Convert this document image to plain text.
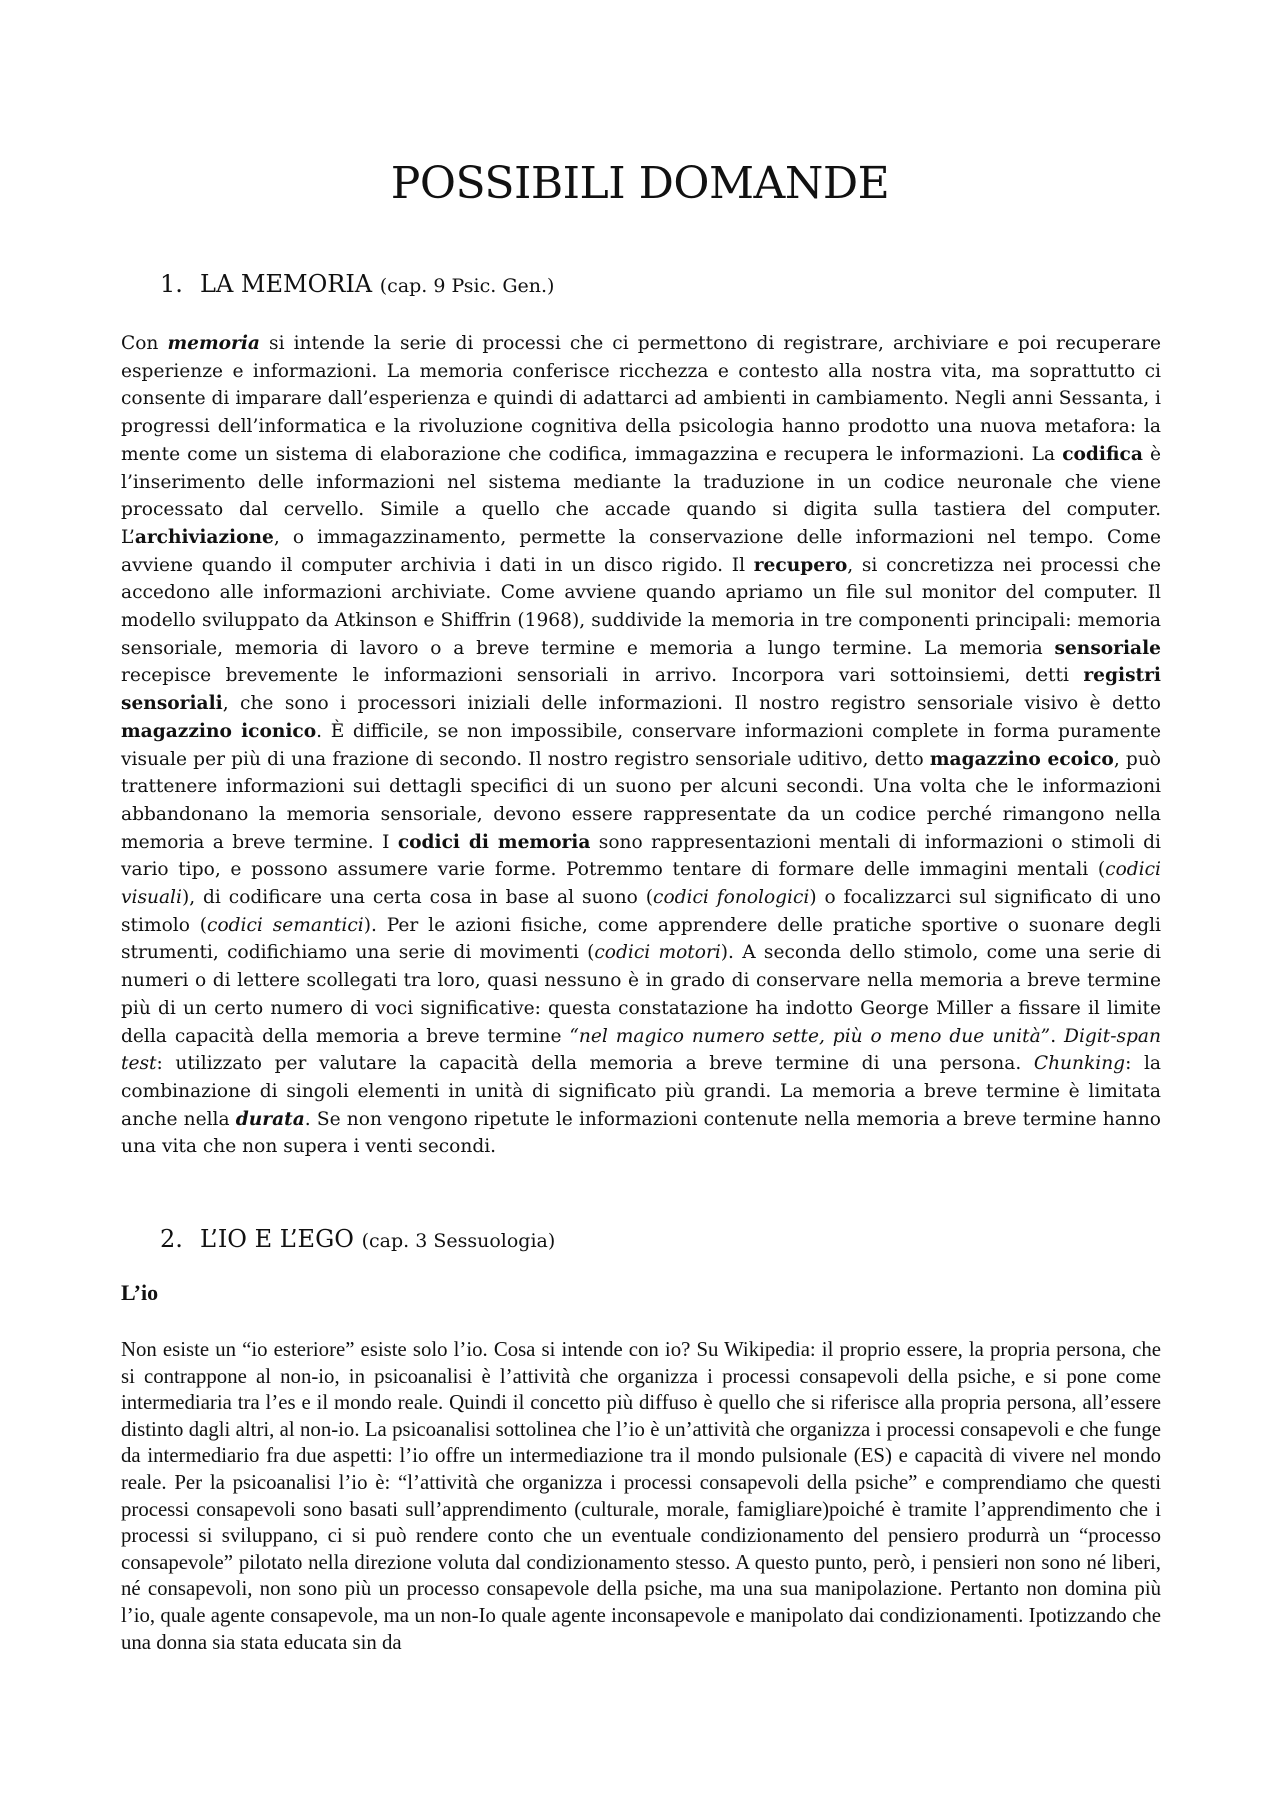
POSSIBILI DOMANDE
1. LA MEMORIA (cap. 9 Psic. Gen.)
Con memoria si intende la serie di processi che ci permettono di registrare, archiviare e poi recuperare esperienze e informazioni. La memoria conferisce ricchezza e contesto alla nostra vita, ma soprattutto ci consente di imparare dall’esperienza e quindi di adattarci ad ambienti in cambiamento. Negli anni Sessanta, i progressi dell’informatica e la rivoluzione cognitiva della psicologia hanno prodotto una nuova metafora: la mente come un sistema di elaborazione che codifica, immagazzina e recupera le informazioni. La codifica è l’inserimento delle informazioni nel sistema mediante la traduzione in un codice neuronale che viene processato dal cervello. Simile a quello che accade quando si digita sulla tastiera del computer. L’archiviazione, o immagazzinamento, permette la conservazione delle informazioni nel tempo. Come avviene quando il computer archivia i dati in un disco rigido. Il recupero, si concretizza nei processi che accedono alle informazioni archiviate. Come avviene quando apriamo un file sul monitor del computer. Il modello sviluppato da Atkinson e Shiffrin (1968), suddivide la memoria in tre componenti principali: memoria sensoriale, memoria di lavoro o a breve termine e memoria a lungo termine. La memoria sensoriale recepisce brevemente le informazioni sensoriali in arrivo. Incorpora vari sottoinsiemi, detti registri sensoriali, che sono i processori iniziali delle informazioni. Il nostro registro sensoriale visivo è detto magazzino iconico. È difficile, se non impossibile, conservare informazioni complete in forma puramente visuale per più di una frazione di secondo. Il nostro registro sensoriale uditivo, detto magazzino ecoico, può trattenere informazioni sui dettagli specifici di un suono per alcuni secondi. Una volta che le informazioni abbandonano la memoria sensoriale, devono essere rappresentate da un codice perché rimangono nella memoria a breve termine. I codici di memoria sono rappresentazioni mentali di informazioni o stimoli di vario tipo, e possono assumere varie forme. Potremmo tentare di formare delle immagini mentali (codici visuali), di codificare una certa cosa in base al suono (codici fonologici) o focalizzarci sul significato di uno stimolo (codici semantici). Per le azioni fisiche, come apprendere delle pratiche sportive o suonare degli strumenti, codifichiamo una serie di movimenti (codici motori). A seconda dello stimolo, come una serie di numeri o di lettere scollegati tra loro, quasi nessuno è in grado di conservare nella memoria a breve termine più di un certo numero di voci significative: questa constatazione ha indotto George Miller a fissare il limite della capacità della memoria a breve termine “nel magico numero sette, più o meno due unità”. Digit-span test: utilizzato per valutare la capacità della memoria a breve termine di una persona. Chunking: la combinazione di singoli elementi in unità di significato più grandi. La memoria a breve termine è limitata anche nella durata. Se non vengono ripetute le informazioni contenute nella memoria a breve termine hanno una vita che non supera i venti secondi.
2. L’IO E L’EGO (cap. 3 Sessuologia)
L’io
Non esiste un “io esteriore” esiste solo l’io. Cosa si intende con io? Su Wikipedia: il proprio essere, la propria persona, che si contrappone al non-io, in psicoanalisi è l’attività che organizza i processi consapevoli della psiche, e si pone come intermediaria tra l’es e il mondo reale. Quindi il concetto più diffuso è quello che si riferisce alla propria persona, all’essere distinto dagli altri, al non-io. La psicoanalisi sottolinea che l’io è un’attività che organizza i processi consapevoli e che funge da intermediario fra due aspetti: l’io offre un intermediazione tra il mondo pulsionale (ES) e capacità di vivere nel mondo reale. Per la psicoanalisi l’io è: “l’attività che organizza i processi consapevoli della psiche” e comprendiamo che questi processi consapevoli sono basati sull’apprendimento (culturale, morale, famigliare)poiché è tramite l’apprendimento che i processi si sviluppano, ci si può rendere conto che un eventuale condizionamento del pensiero produrrà un “processo consapevole” pilotato nella direzione voluta dal condizionamento stesso. A questo punto, però, i pensieri non sono né liberi, né consapevoli, non sono più un processo consapevole della psiche, ma una sua manipolazione. Pertanto non domina più l’io, quale agente consapevole, ma un non-Io quale agente inconsapevole e manipolato dai condizionamenti. Ipotizzando che una donna sia stata educata sin da
